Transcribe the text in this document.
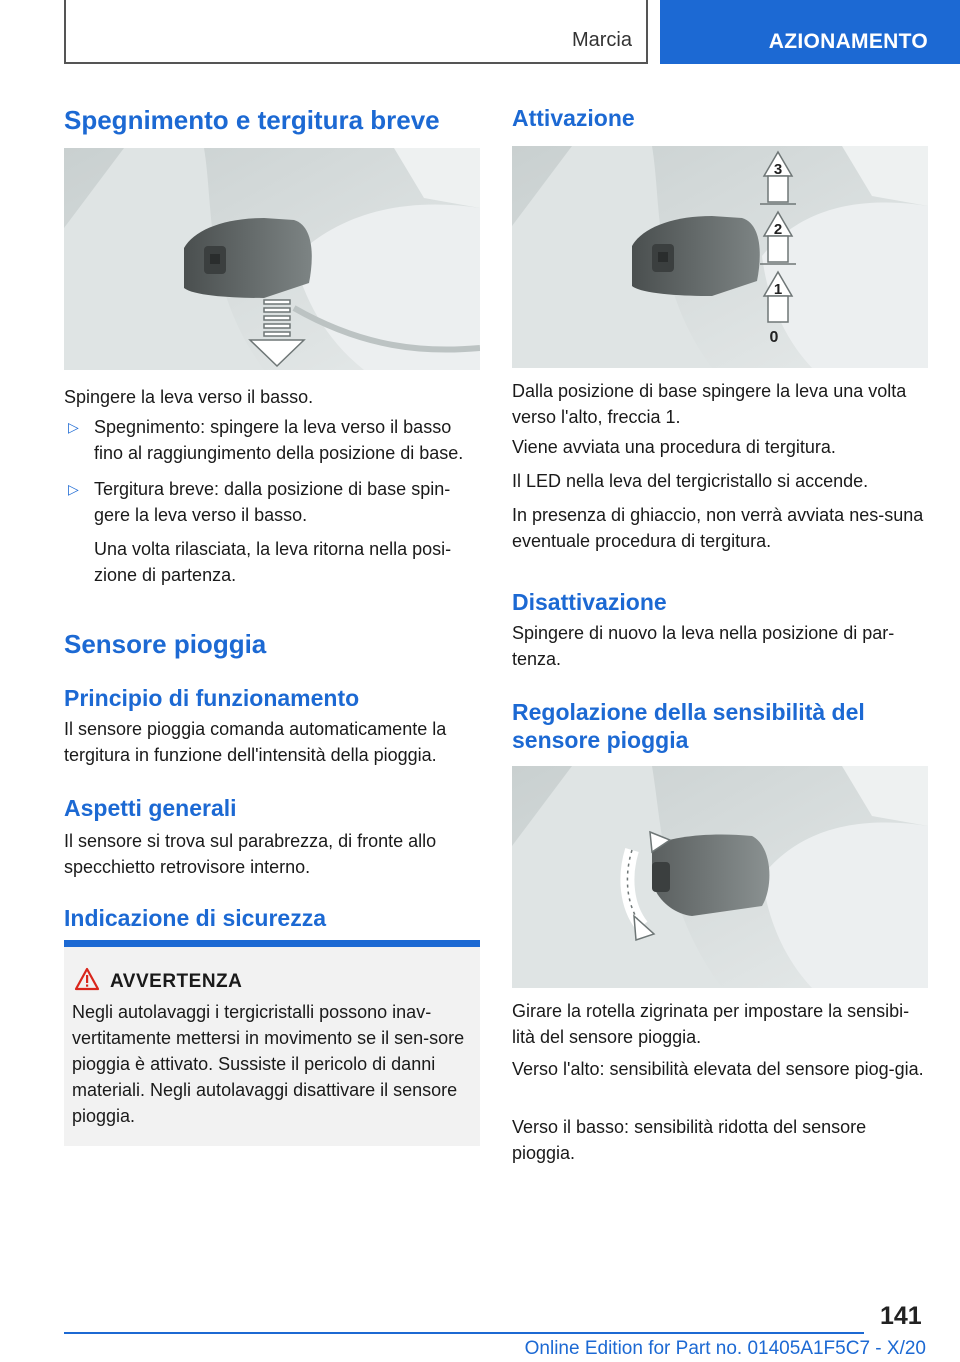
Marcia	AZIONAMENTO
Spegnimento e tergitura breve

Spingere la leva verso il basso.

▷ Spegnimento: spingere la leva verso il basso fino al raggiungimento della posizione di base.
▷ Tergitura breve: dalla posizione di base spin-gere la leva verso il basso.

Una volta rilasciata, la leva ritorna nella posi-zione di partenza.

Sensore pioggia
Principio di funzionamento

Il sensore pioggia comanda automaticamente la tergitura in funzione dell'intensità della pioggia.

Aspetti generali

Il sensore si trova sul parabrezza, di fronte allo specchietto retrovisore interno.

Indicazione di sicurezza
AVVERTENZA

Negli autolavaggi i tergicristalli possono inav-vertitamente mettersi in movimento se il sen-sore pioggia è attivato. Sussiste il pericolo di danni materiali. Negli autolavaggi disattivare il sensore pioggia.

Attivazione
3
2
1
0

Dalla posizione di base spingere la leva una volta verso l'alto, freccia 1.

Viene avviata una procedura di tergitura.

Il LED nella leva del tergicristallo si accende.

In presenza di ghiaccio, non verrà avviata nes-suna eventuale procedura di tergitura.

Disattivazione

Spingere di nuovo la leva nella posizione di par-tenza.

Regolazione della sensibilità del sensore pioggia

Girare la rotella zigrinata per impostare la sensibi-lità del sensore pioggia.

Verso l'alto: sensibilità elevata del sensore piog-gia.

Verso il basso: sensibilità ridotta del sensore pioggia.

141
Online Edition for Part no. 01405A1F5C7 - X/20
